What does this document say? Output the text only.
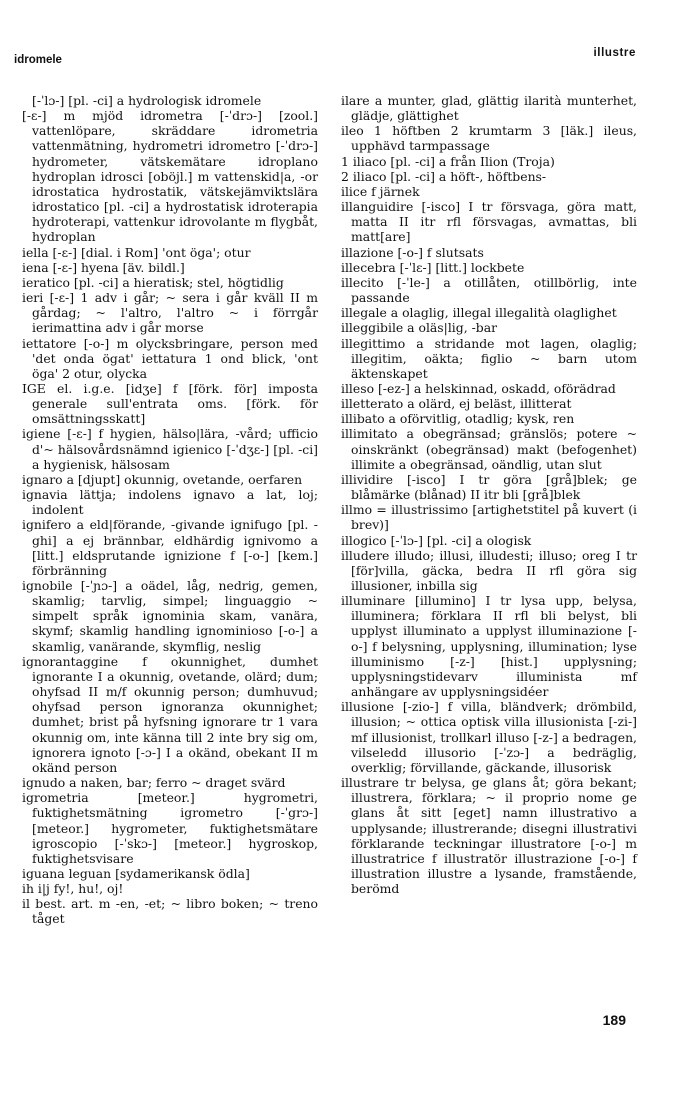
idromele
illustre

[-ˈlɔ-] [pl. -ci] a hydrologisk idromele

[-ɛ-] m mjöd idrometra [-ˈdrɔ-] [zool.] vattenlöpare, skräddare idrometria vattenmätning, hydrometri idrometro [-ˈdrɔ-] hydrometer, vätskemätare idroplano hydroplan idrosci [oböjl.] m vattenskid|a, -or idrostatica hydrostatik, vätskejämviktslära idrostatico [pl. -ci] a hydrostatisk idroterapia hydroterapi, vattenkur idrovolante m flygbåt, hydroplan

iella [-ɛ-] [dial. i Rom] 'ont öga'; otur

iena [-ɛ-] hyena [äv. bildl.]

ieratico [pl. -ci] a hieratisk; stel, högtidlig

ieri [-ɛ-] 1 adv i går; ~ sera i går kväll II m gårdag; ~ l'altro, l'altro ~ i förrgår ierimattina adv i går morse

iettatore [-o-] m olycksbringare, person med 'det onda ögat' iettatura 1 ond blick, 'ont öga' 2 otur, olycka

IGE el. i.g.e. [idʒe] f [förk. för] imposta generale sull'entrata oms. [förk. för omsättningsskatt]

igiene [-ɛ-] f hygien, hälso|lära, -vård; ufficio d'~ hälsovårdsnämnd igienico [-ˈdʒɛ-] [pl. -ci] a hygienisk, hälsosam

ignaro a [djupt] okunnig, ovetande, oerfaren

ignavia lättja; indolens ignavo a lat, loj; indolent

ignifero a eld|förande, -givande ignifugo [pl. -ghi] a ej brännbar, eldhärdig ignivomo a [litt.] eldsprutande ignizione f [-o-] [kem.] förbränning

ignobile [-ˈɲɔ-] a oädel, låg, nedrig, gemen, skamlig; tarvlig, simpel; linguaggio ~ simpelt språk ignominia skam, vanära, skymf; skamlig handling ignominioso [-o-] a skamlig, vanärande, skymflig, neslig

ignorantaggine f okunnighet, dumhet ignorante I a okunnig, ovetande, olärd; dum; ohyfsad II m/f okunnig person; dumhuvud; ohyfsad person ignoranza okunnighet; dumhet; brist på hyfsning ignorare tr 1 vara okunnig om, inte känna till 2 inte bry sig om, ignorera ignoto [-ɔ-] I a okänd, obekant II m okänd person

ignudo a naken, bar; ferro ~ draget svärd

igrometria [meteor.] hygrometri, fuktighetsmätning igrometro [-ˈgrɔ-] [meteor.] hygrometer, fuktighetsmätare igroscopio [-ˈskɔ-] [meteor.] hygroskop, fuktighetsvisare

iguana leguan [sydamerikansk ödla]

ih i|j fy!, hu!, oj!

il best. art. m -en, -et; ~ libro boken; ~ treno tåget

ilare a munter, glad, glättig ilarità munterhet, glädje, glättighet

ileo 1 höftben 2 krumtarm 3 [läk.] ileus, upphävd tarmpassage

1 iliaco [pl. -ci] a från Ilion (Troja)

2 iliaco [pl. -ci] a höft-, höftbens-

ilice f järnek

illanguidire [-isco] I tr försvaga, göra matt, matta II itr rfl försvagas, avmattas, bli matt[are]

illazione [-o-] f slutsats

illecebra [-ˈlɛ-] [litt.] lockbete

illecito [-ˈle-] a otillåten, otillbörlig, inte passande

illegale a olaglig, illegal illegalità olaglighet

illeggibile a oläs|lig, -bar

illegittimo a stridande mot lagen, olaglig; illegitim, oäkta; figlio ~ barn utom äktenskapet

illeso [-ez-] a helskinnad, oskadd, oförädrad

illetterato a olärd, ej beläst, illitterat

illibato a oförvitlig, otadlig; kysk, ren

illimitato a obegränsad; gränslös; potere ~ oinskränkt (obegränsad) makt (befogenhet) illimite a obegränsad, oändlig, utan slut

illividire [-isco] I tr göra [grå]blek; ge blåmärke (blånad) II itr bli [grå]blek

illmo = illustrissimo [artighetstitel på kuvert (i brev)]

illogico [-ˈlɔ-] [pl. -ci] a ologisk

illudere illudo; illusi, illudesti; illuso; oreg I tr [för]villa, gäcka, bedra II rfl göra sig illusioner, inbilla sig

illuminare [illumino] I tr lysa upp, belysa, illuminera; förklara II rfl bli belyst, bli upplyst illuminato a upplyst illuminazione [-o-] f belysning, upplysning, illumination; lyse illuminismo [-z-] [hist.] upplysning; upplysningstidevarv illuminista mf anhängare av upplysningsidéer

illusione [-zio-] f villa, bländverk; drömbild, illusion; ~ ottica optisk villa illusionista [-zi-] mf illusionist, trollkarl illuso [-z-] a bedragen, vilseledd illusorio [-ˈzɔ-] a bedräglig, overklig; förvillande, gäckande, illusorisk

illustrare tr belysa, ge glans åt; göra bekant; illustrera, förklara; ~ il proprio nome ge glans åt sitt [eget] namn illustrativo a upplysande; illustrerande; disegni illustrativi förklarande teckningar illustratore [-o-] m illustratrice f illustratör illustrazione [-o-] f illustration illustre a lysande, framstående, berömd

189
